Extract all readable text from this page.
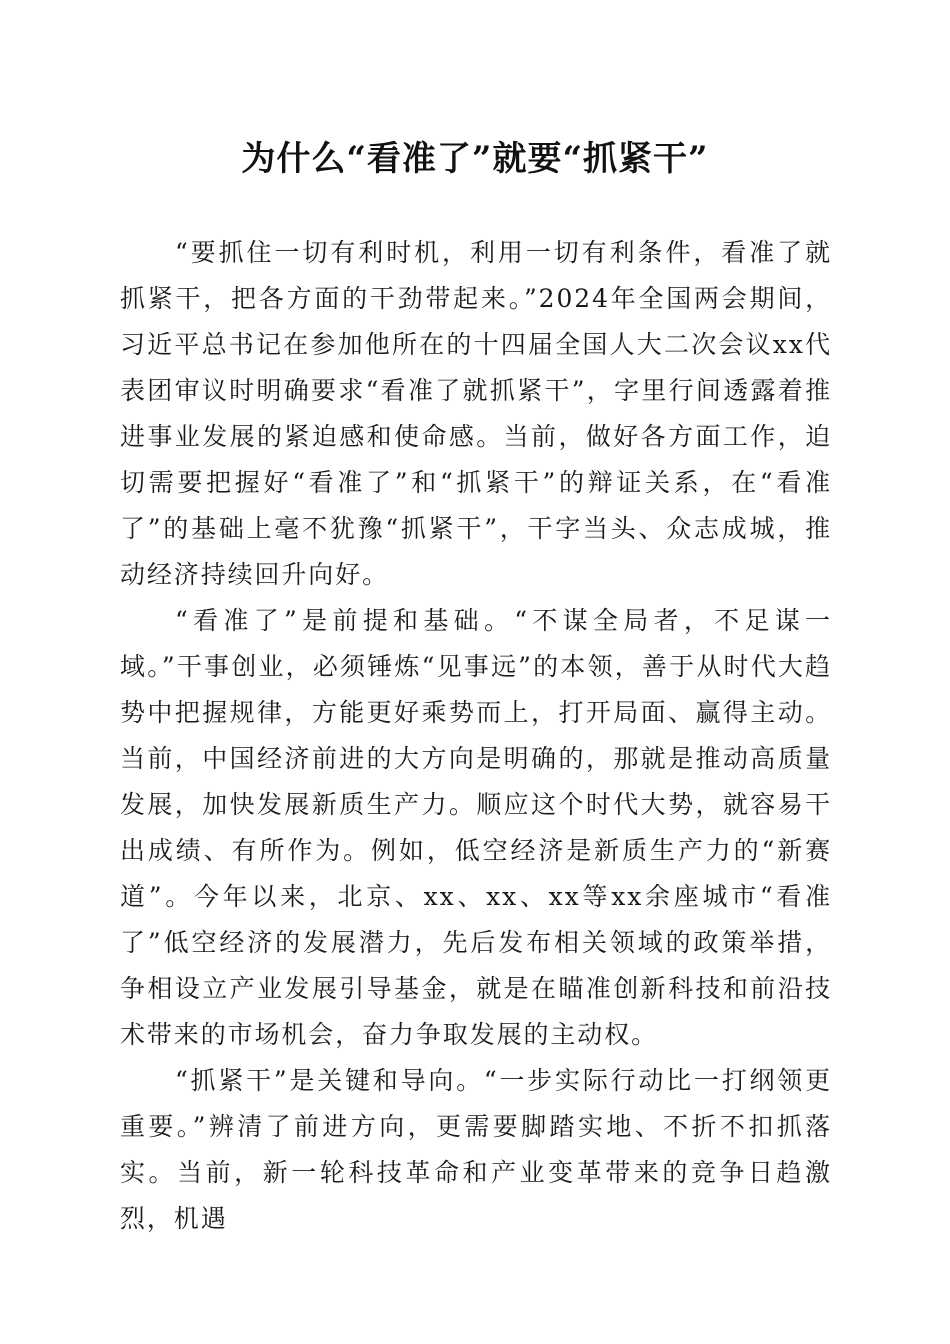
为什么“看准了”就要“抓紧干”

“要抓住一切有利时机，利用一切有利条件，看准了就抓紧干，把各方面的干劲带起来。”2024年全国两会期间，习近平总书记在参加他所在的十四届全国人大二次会议xx代表团审议时明确要求“看准了就抓紧干”，字里行间透露着推进事业发展的紧迫感和使命感。当前，做好各方面工作，迫切需要把握好“看准了”和“抓紧干”的辩证关系，在“看准了”的基础上毫不犹豫“抓紧干”，干字当头、众志成城，推动经济持续回升向好。

“看准了”是前提和基础。“不谋全局者，不足谋一域。”干事创业，必须锤炼“见事远”的本领，善于从时代大趋势中把握规律，方能更好乘势而上，打开局面、赢得主动。当前，中国经济前进的大方向是明确的，那就是推动高质量发展，加快发展新质生产力。顺应这个时代大势，就容易干出成绩、有所作为。例如，低空经济是新质生产力的“新赛道”。今年以来，北京、xx、xx、xx等xx余座城市“看准了”低空经济的发展潜力，先后发布相关领域的政策举措，争相设立产业发展引导基金，就是在瞄准创新科技和前沿技术带来的市场机会，奋力争取发展的主动权。

“抓紧干”是关键和导向。“一步实际行动比一打纲领更重要。”辨清了前进方向，更需要脚踏实地、不折不扣抓落实。当前，新一轮科技革命和产业变革带来的竞争日趋激烈，机遇
